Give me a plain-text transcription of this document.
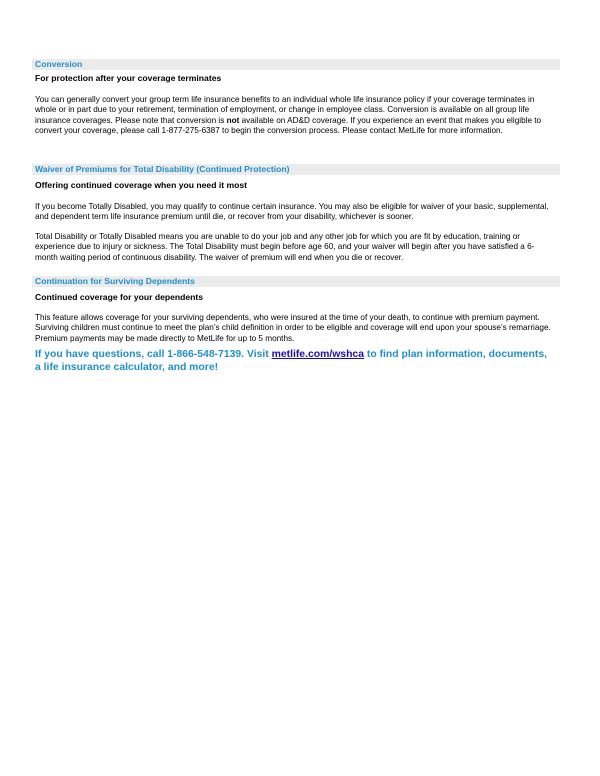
Conversion
For protection after your coverage terminates
You can generally convert your group term life insurance benefits to an individual whole life insurance policy if your coverage terminates in whole or in part due to your retirement, termination of employment, or change in employee class. Conversion is available on all group life insurance coverages. Please note that conversion is not available on AD&D coverage. If you experience an event that makes you eligible to convert your coverage, please call 1-877-275-6387 to begin the conversion process. Please contact MetLife for more information.
Waiver of Premiums for Total Disability (Continued Protection)
Offering continued coverage when you need it most
If you become Totally Disabled, you may qualify to continue certain insurance. You may also be eligible for waiver of your basic, supplemental, and dependent term life insurance premium until die, or recover from your disability, whichever is sooner.
Total Disability or Totally Disabled means you are unable to do your job and any other job for which you are fit by education, training or experience due to injury or sickness. The Total Disability must begin before age 60, and your waiver will begin after you have satisfied a 6-month waiting period of continuous disability. The waiver of premium will end when you die or recover.
Continuation for Surviving Dependents
Continued coverage for your dependents
This feature allows coverage for your surviving dependents, who were insured at the time of your death, to continue with premium payment. Surviving children must continue to meet the plan’s child definition in order to be eligible and coverage will end upon your spouse’s remarriage. Premium payments may be made directly to MetLife for up to 5 months.
If you have questions, call 1-866-548-7139. Visit metlife.com/wshca to find plan information, documents, a life insurance calculator, and more!
